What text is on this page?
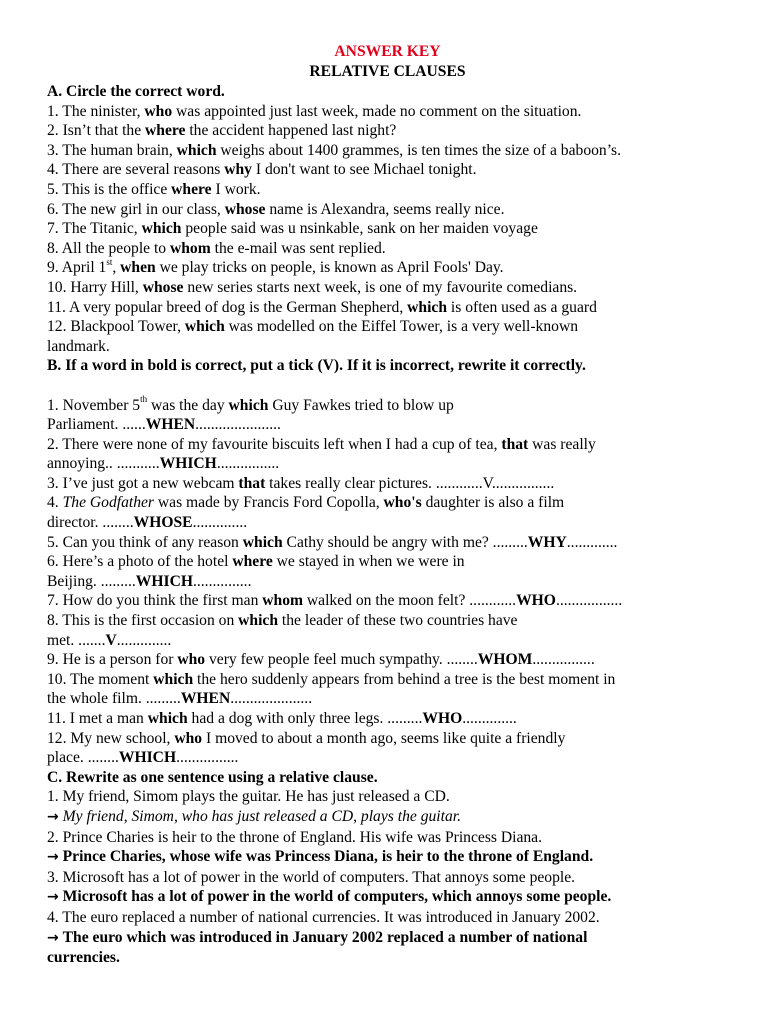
ANSWER KEY
RELATIVE CLAUSES
A. Circle the correct word.
1. The ninister, who was appointed just last week, made no comment on the situation.
2. Isn’t that the where the accident happened last night?
3. The human brain, which weighs about 1400 grammes, is ten times the size of a baboon’s.
4. There are several reasons why I don't want to see Michael tonight.
5. This is the office where I work.
6. The new girl in our class, whose name is Alexandra, seems really nice.
7. The Titanic, which people said was u nsinkable, sank on her maiden voyage
8. All the people to whom the e-mail was sent replied.
9. April 1st, when we play tricks on people, is known as April Fools' Day.
10. Harry Hill, whose new series starts next week, is one of my favourite comedians.
11. A very popular breed of dog is the German Shepherd, which is often used as a guard
12. Blackpool Tower, which was modelled on the Eiffel Tower, is a very well-known
landmark.
B. If a word in bold is correct, put a tick (V). If it is incorrect, rewrite it correctly.
1. November 5th was the day which Guy Fawkes tried to blow up
Parliament. ......WHEN......................
2. There were none of my favourite biscuits left when I had a cup of tea, that was really
annoying.. ...........WHICH................
3. I’ve just got a new webcam that takes really clear pictures. ............V................
4. The Godfather was made by Francis Ford Copolla, who's daughter is also a film
director. ........WHOSE..............
5. Can you think of any reason which Cathy should be angry with me? .........WHY.............
6. Here’s a photo of the hotel where we stayed in when we were in
Beijing. .........WHICH...............
7. How do you think the first man whom walked on the moon felt? ............WHO.................
8. This is the first occasion on which the leader of these two countries have
met. .......V..............
9. He is a person for who very few people feel much sympathy. ........WHOM................
10. The moment which the hero suddenly appears from behind a tree is the best moment in
the whole film. .........WHEN.....................
11. I met a man which had a dog with only three legs. .........WHO..............
12. My new school, who I moved to about a month ago, seems like quite a friendly
place. ........WHICH................
C. Rewrite as one sentence using a relative clause.
1. My friend, Simom plays the guitar. He has just released a CD.
→ My friend, Simom, who has just released a CD, plays the guitar.
2. Prince Charies is heir to the throne of England. His wife was Princess Diana.
→ Prince Charies, whose wife was Princess Diana, is heir to the throne of England.
3. Microsoft has a lot of power in the world of computers. That annoys some people.
→ Microsoft has a lot of power in the world of computers, which annoys some people.
4. The euro replaced a number of national currencies. It was introduced in January 2002.
→ The euro which was introduced in January 2002 replaced a number of national
currencies.
